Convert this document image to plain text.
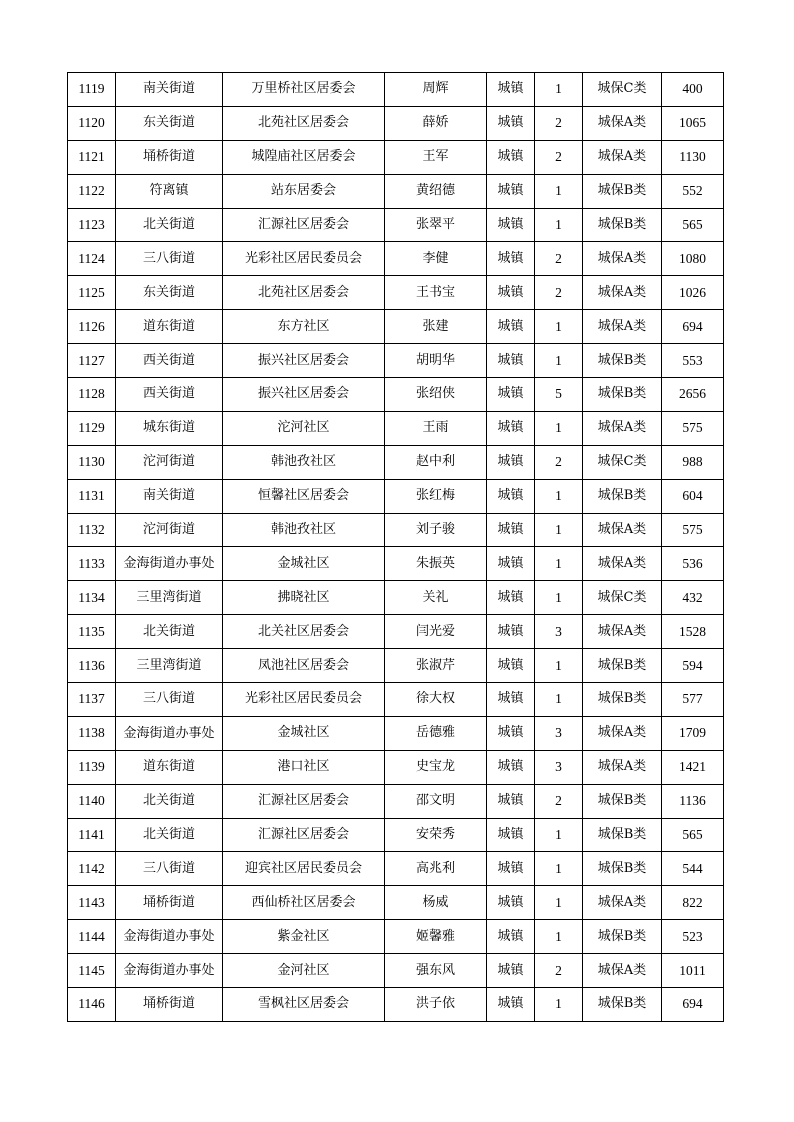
1119	南关街道	万里桥社区居委会	周辉	城镇	1	城保C类	400
1120	东关街道	北苑社区居委会	薛娇	城镇	2	城保A类	1065
1121	埇桥街道	城隍庙社区居委会	王军	城镇	2	城保A类	1130
1122	符离镇	站东居委会	黄绍德	城镇	1	城保B类	552
1123	北关街道	汇源社区居委会	张翠平	城镇	1	城保B类	565
1124	三八街道	光彩社区居民委员会	李健	城镇	2	城保A类	1080
1125	东关街道	北苑社区居委会	王书宝	城镇	2	城保A类	1026
1126	道东街道	东方社区	张建	城镇	1	城保A类	694
1127	西关街道	振兴社区居委会	胡明华	城镇	1	城保B类	553
1128	西关街道	振兴社区居委会	张绍侠	城镇	5	城保B类	2656
1129	城东街道	沱河社区	王雨	城镇	1	城保A类	575
1130	沱河街道	韩池孜社区	赵中利	城镇	2	城保C类	988
1131	南关街道	恒馨社区居委会	张红梅	城镇	1	城保B类	604
1132	沱河街道	韩池孜社区	刘子骏	城镇	1	城保A类	575
1133	金海街道办事处	金城社区	朱振英	城镇	1	城保A类	536
1134	三里湾街道	拂晓社区	关礼	城镇	1	城保C类	432
1135	北关街道	北关社区居委会	闫光爱	城镇	3	城保A类	1528
1136	三里湾街道	凤池社区居委会	张淑芹	城镇	1	城保B类	594
1137	三八街道	光彩社区居民委员会	徐大权	城镇	1	城保B类	577
1138	金海街道办事处	金城社区	岳德雅	城镇	3	城保A类	1709
1139	道东街道	港口社区	史宝龙	城镇	3	城保A类	1421
1140	北关街道	汇源社区居委会	邵文明	城镇	2	城保B类	1136
1141	北关街道	汇源社区居委会	安荣秀	城镇	1	城保B类	565
1142	三八街道	迎宾社区居民委员会	高兆利	城镇	1	城保B类	544
1143	埇桥街道	西仙桥社区居委会	杨威	城镇	1	城保A类	822
1144	金海街道办事处	紫金社区	姬馨雅	城镇	1	城保B类	523
1145	金海街道办事处	金河社区	强东风	城镇	2	城保A类	1011
1146	埇桥街道	雪枫社区居委会	洪子依	城镇	1	城保B类	694
